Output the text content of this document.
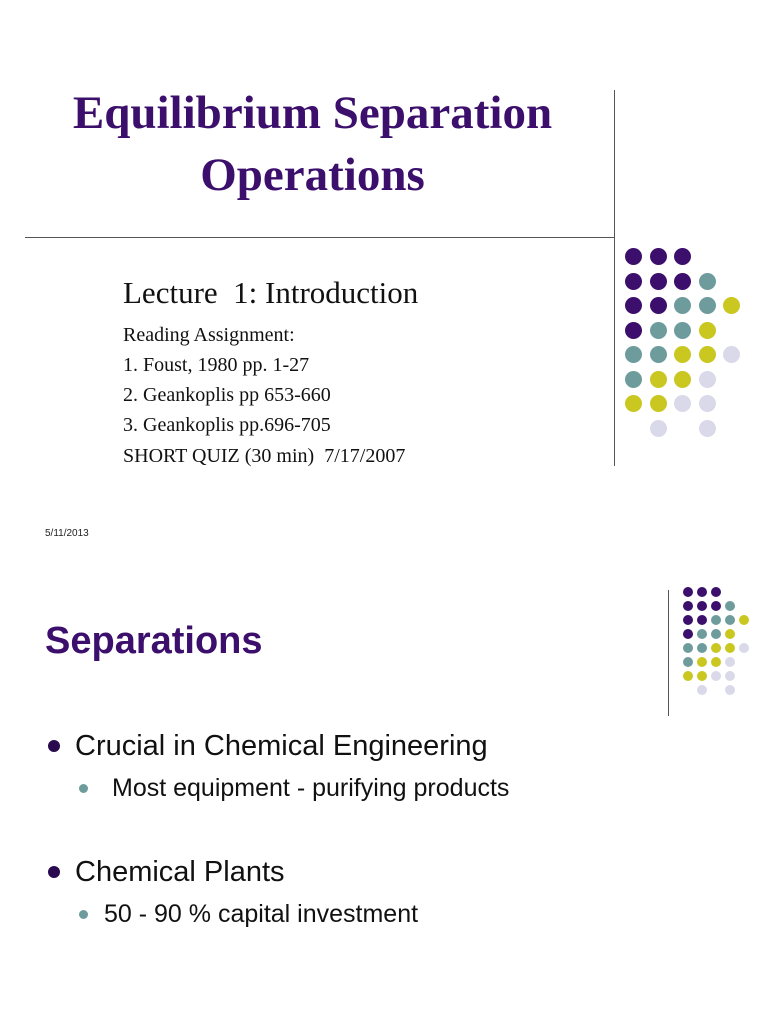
Equilibrium Separation
Operations

Lecture  1: Introduction

Reading Assignment:
1. Foust, 1980 pp. 1-27
2. Geankoplis pp 653-660
3. Geankoplis pp.696-705
SHORT QUIZ (30 min)  7/17/2007
5/11/2013
Separations
Crucial in Chemical Engineering
Most equipment - purifying products
Chemical Plants
50 - 90 % capital investment
